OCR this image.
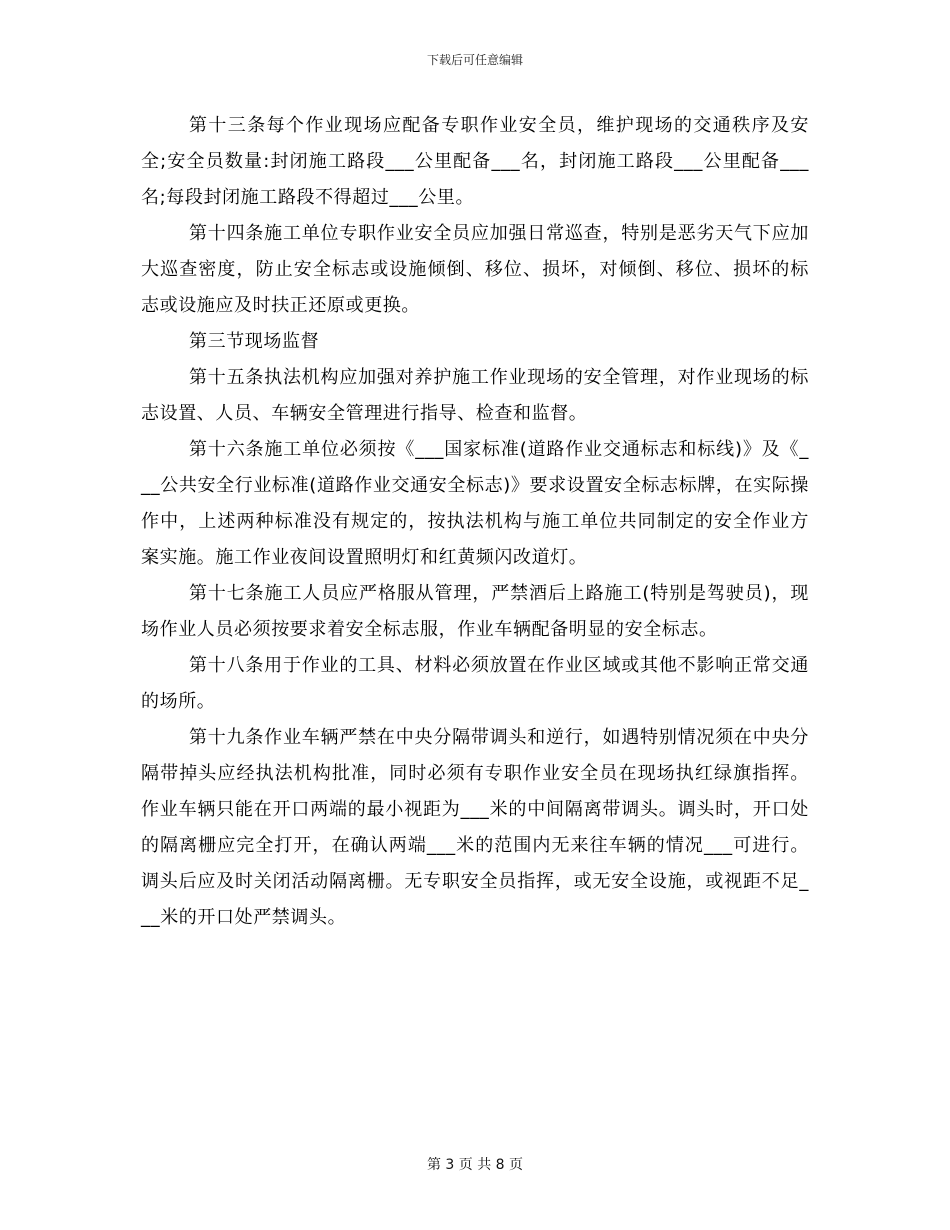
下载后可任意编辑

第十三条每个作业现场应配备专职作业安全员，维护现场的交通秩序及安全;安全员数量:封闭施工路段___公里配备___名，封闭施工路段___公里配备___名;每段封闭施工路段不得超过___公里。

第十四条施工单位专职作业安全员应加强日常巡查，特别是恶劣天气下应加大巡查密度，防止安全标志或设施倾倒、移位、损坏，对倾倒、移位、损坏的标志或设施应及时扶正还原或更换。

第三节现场监督

第十五条执法机构应加强对养护施工作业现场的安全管理，对作业现场的标志设置、人员、车辆安全管理进行指导、检查和监督。

第十六条施工单位必须按《___国家标准(道路作业交通标志和标线)》及《___公共安全行业标准(道路作业交通安全标志)》要求设置安全标志标牌，在实际操作中，上述两种标准没有规定的，按执法机构与施工单位共同制定的安全作业方案实施。施工作业夜间设置照明灯和红黄频闪改道灯。

第十七条施工人员应严格服从管理，严禁酒后上路施工(特别是驾驶员)，现场作业人员必须按要求着安全标志服，作业车辆配备明显的安全标志。

第十八条用于作业的工具、材料必须放置在作业区域或其他不影响正常交通的场所。

第十九条作业车辆严禁在中央分隔带调头和逆行，如遇特别情况须在中央分隔带掉头应经执法机构批准，同时必须有专职作业安全员在现场执红绿旗指挥。作业车辆只能在开口两端的最小视距为___米的中间隔离带调头。调头时，开口处的隔离栅应完全打开，在确认两端___米的范围内无来往车辆的情况___可进行。调头后应及时关闭活动隔离栅。无专职安全员指挥，或无安全设施，或视距不足___米的开口处严禁调头。

第 3 页 共 8 页
